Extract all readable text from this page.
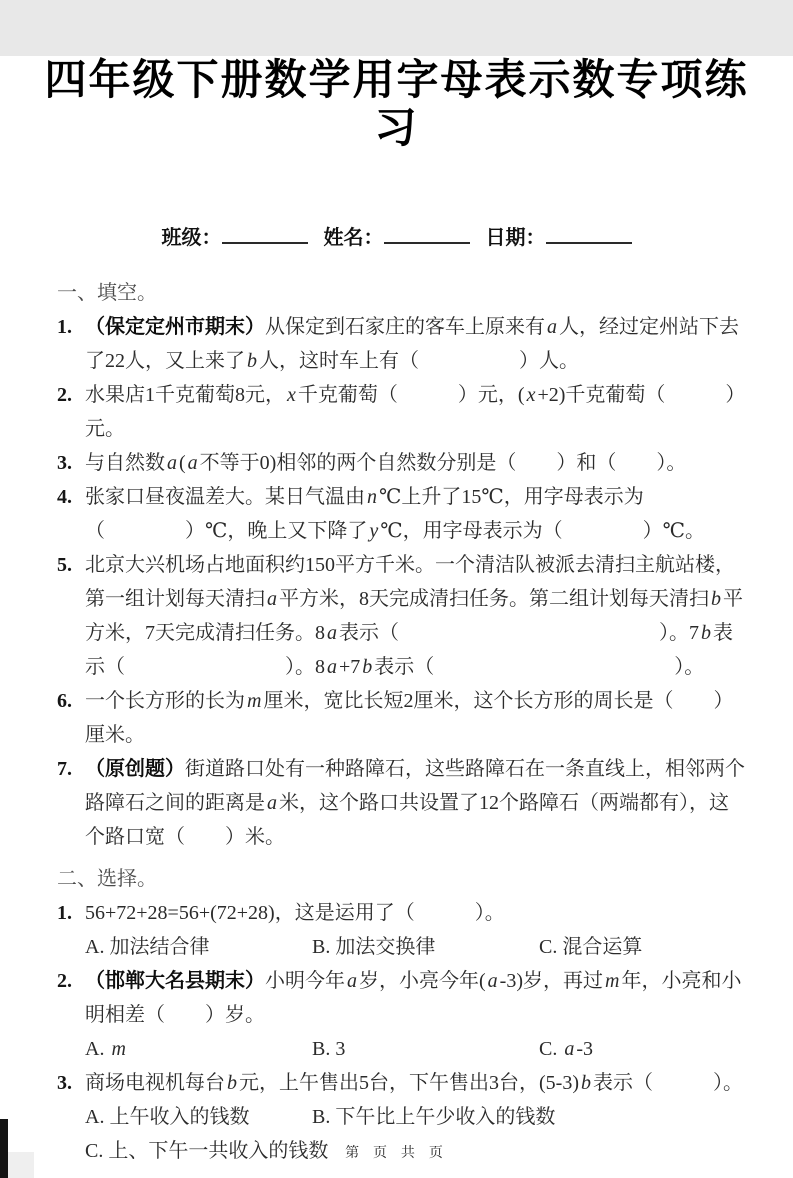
四年级下册数学用字母表示数专项练习
班级：	姓名：	日期：
一、填空。
1. （保定定州市期末）从保定到石家庄的客车上原来有 a 人，经过定州站下去了22人，又上来了 b 人，这时车上有（　　　　　）人。
2. 水果店1千克葡萄8元， x 千克葡萄（　　　）元，( x +2)千克葡萄（　　　）元。
3. 与自然数 a ( a 不等于0)相邻的两个自然数分别是（　　）和（　　）。
4. 张家口昼夜温差大。某日气温由 n ℃上升了15℃，用字母表示为（　　　　）℃，晚上又下降了 y ℃，用字母表示为（　　　　）℃。
5. 北京大兴机场占地面积约150平方千米。一个清洁队被派去清扫主航站楼，第一组计划每天清扫 a 平方米，8天完成清扫任务。第二组计划每天清扫 b 平方米，7天完成清扫任务。8 a 表示（　　　　　　　　　　　　　）。7 b 表示（　　　　　　　　）。8 a +7 b 表示（　　　　　　　　　　　　）。
6. 一个长方形的长为 m 厘米，宽比长短2厘米，这个长方形的周长是（　　）厘米。
7. （原创题）街道路口处有一种路障石，这些路障石在一条直线上，相邻两个路障石之间的距离是 a 米，这个路口共设置了12个路障石（两端都有），这个路口宽（　　）米。
二、选择。
1. 56+72+28=56+(72+28)，这是运用了（　　　）。
A. 加法结合律	B. 加法交换律	C. 混合运算
2. （邯郸大名县期末）小明今年 a 岁，小亮今年( a -3)岁，再过 m 年，小亮和小明相差（　　）岁。
A. m	B. 3	C. a -3
3. 商场电视机每台 b 元，上午售出5台，下午售出3台，(5-3) b 表示（　　　）。
A. 上午收入的钱数	B. 下午比上午少收入的钱数
C. 上、下午一共收入的钱数	第 页 共 页
